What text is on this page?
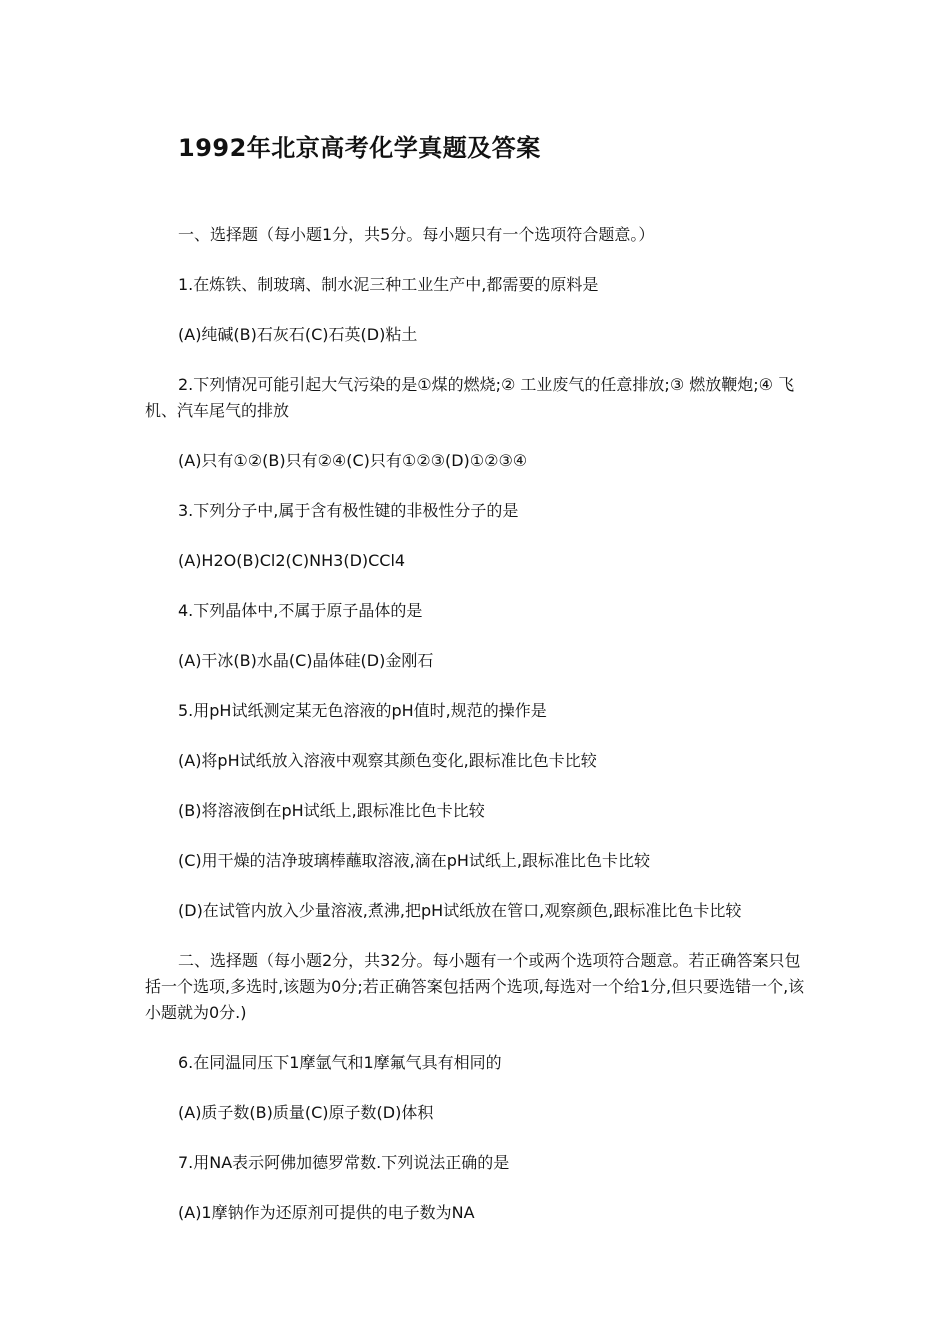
1992年北京高考化学真题及答案

一、选择题（每小题1分，共5分。每小题只有一个选项符合题意。）

1.在炼铁、制玻璃、制水泥三种工业生产中,都需要的原料是

(A)纯碱(B)石灰石(C)石英(D)粘土

2.下列情况可能引起大气污染的是①煤的燃烧;② 工业废气的任意排放;③ 燃放鞭炮;④ 飞机、汽车尾气的排放

(A)只有①②(B)只有②④(C)只有①②③(D)①②③④

3.下列分子中,属于含有极性键的非极性分子的是

(A)H2O(B)Cl2(C)NH3(D)CCl4

4.下列晶体中,不属于原子晶体的是

(A)干冰(B)水晶(C)晶体硅(D)金刚石

5.用pH试纸测定某无色溶液的pH值时,规范的操作是

(A)将pH试纸放入溶液中观察其颜色变化,跟标准比色卡比较

(B)将溶液倒在pH试纸上,跟标准比色卡比较

(C)用干燥的洁净玻璃棒蘸取溶液,滴在pH试纸上,跟标准比色卡比较

(D)在试管内放入少量溶液,煮沸,把pH试纸放在管口,观察颜色,跟标准比色卡比较

二、选择题（每小题2分，共32分。每小题有一个或两个选项符合题意。若正确答案只包括一个选项,多选时,该题为0分;若正确答案包括两个选项,每选对一个给1分,但只要选错一个,该小题就为0分.)

6.在同温同压下1摩氩气和1摩氟气具有相同的

(A)质子数(B)质量(C)原子数(D)体积

7.用NA表示阿佛加德罗常数.下列说法正确的是

(A)1摩钠作为还原剂可提供的电子数为NA
